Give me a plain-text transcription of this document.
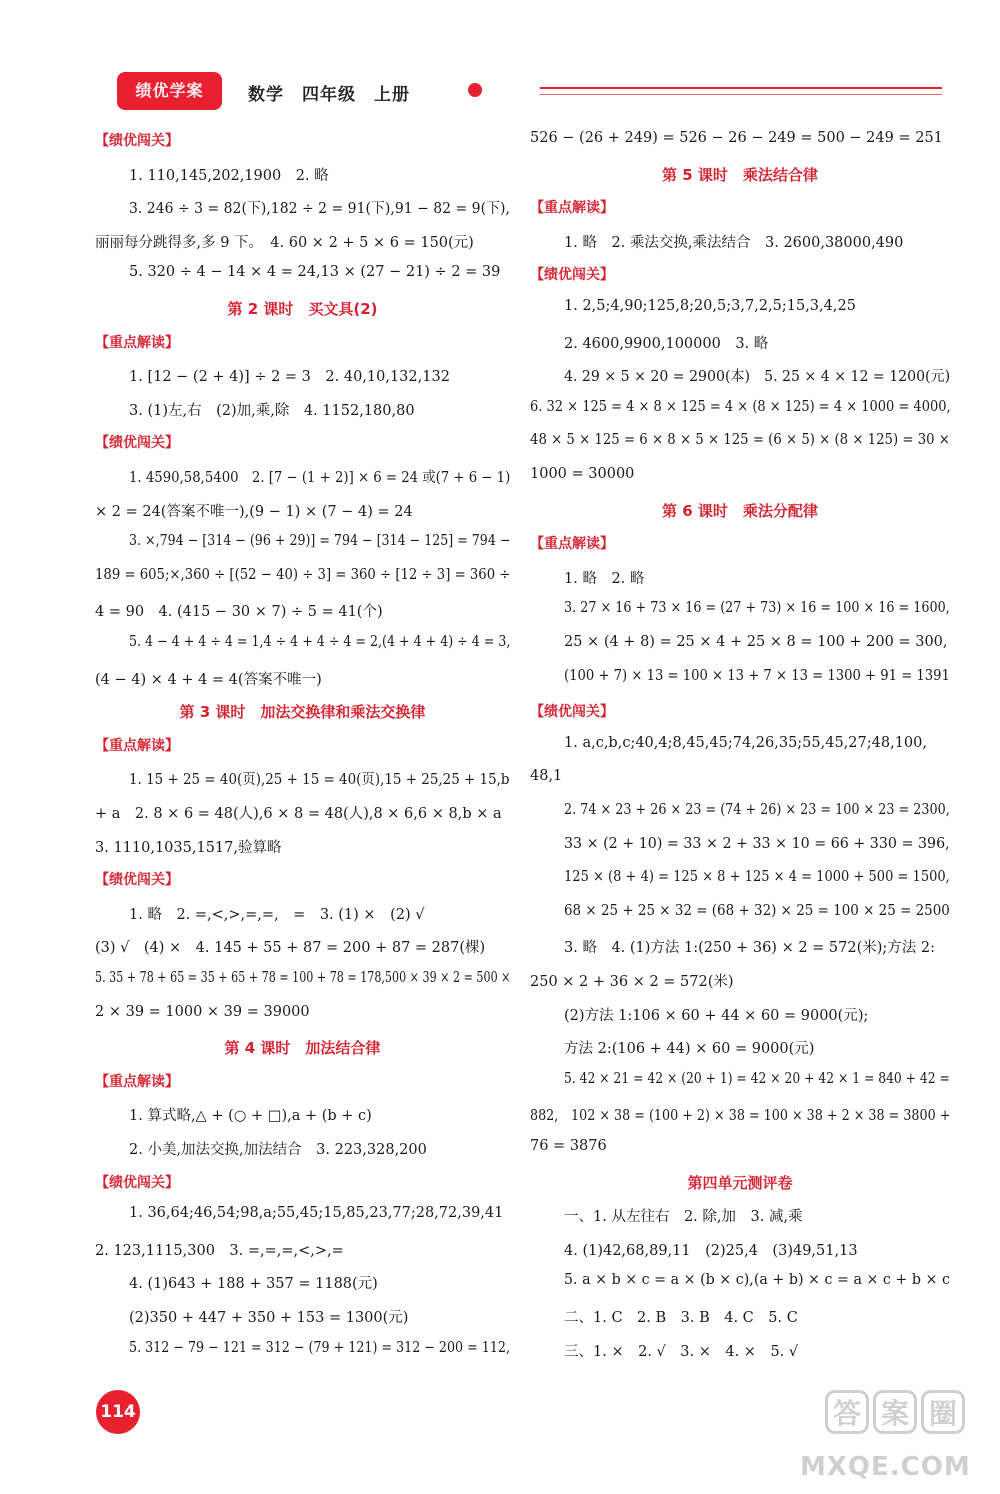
绩优学案	数学　四年级　上册
【绩优闯关】
1. 110,145,202,1900　2. 略
3. 246 ÷ 3 = 82(下),182 ÷ 2 = 91(下),91 − 82 = 9(下),
丽丽每分跳得多,多 9 下。　4. 60 × 2 + 5 × 6 = 150(元)
5. 320 ÷ 4 − 14 × 4 = 24,13 × (27 − 21) ÷ 2 = 39
第 2 课时　买文具(2)
【重点解读】
1. [12 − (2 + 4)] ÷ 2 = 3　2. 40,10,132,132
3. (1)左,右　(2)加,乘,除　4. 1152,180,80
【绩优闯关】
1. 4590,58,5400　2. [7 − (1 + 2)] × 6 = 24 或(7 + 6 − 1)
× 2 = 24(答案不唯一),(9 − 1) × (7 − 4) = 24
3. ×,794 − [314 − (96 + 29)] = 794 − [314 − 125] = 794 −
189 = 605;×,360 ÷ [(52 − 40) ÷ 3] = 360 ÷ [12 ÷ 3] = 360 ÷
4 = 90　4. (415 − 30 × 7) ÷ 5 = 41(个)
5. 4 − 4 + 4 ÷ 4 = 1,4 ÷ 4 + 4 ÷ 4 = 2,(4 + 4 + 4) ÷ 4 = 3,
(4 − 4) × 4 + 4 = 4(答案不唯一)
第 3 课时　加法交换律和乘法交换律
【重点解读】
1. 15 + 25 = 40(页),25 + 15 = 40(页),15 + 25,25 + 15,b
+ a　2. 8 × 6 = 48(人),6 × 8 = 48(人),8 × 6,6 × 8,b × a
3. 1110,1035,1517,验算略
【绩优闯关】
1. 略　2. =,<,>,=,=,　=　3. (1) ×　(2) √
(3) √　(4) ×　4. 145 + 55 + 87 = 200 + 87 = 287(棵)
5. 35 + 78 + 65 = 35 + 65 + 78 = 100 + 78 = 178,500 × 39 × 2 = 500 ×
2 × 39 = 1000 × 39 = 39000
第 4 课时　加法结合律
【重点解读】
1. 算式略,△ + (○ + □),a + (b + c)
2. 小美,加法交换,加法结合　3. 223,328,200
【绩优闯关】
1. 36,64;46,54;98,a;55,45;15,85,23,77;28,72,39,41
2. 123,1115,300　3. =,=,=,<,>,=
4. (1)643 + 188 + 357 = 1188(元)
(2)350 + 447 + 350 + 153 = 1300(元)
5. 312 − 79 − 121 = 312 − (79 + 121) = 312 − 200 = 112,
526 − (26 + 249) = 526 − 26 − 249 = 500 − 249 = 251
第 5 课时　乘法结合律
【重点解读】
1. 略　2. 乘法交换,乘法结合　3. 2600,38000,490
【绩优闯关】
1. 2,5;4,90;125,8;20,5;3,7,2,5;15,3,4,25
2. 4600,9900,100000　3. 略
4. 29 × 5 × 20 = 2900(本)　5. 25 × 4 × 12 = 1200(元)
6. 32 × 125 = 4 × 8 × 125 = 4 × (8 × 125) = 4 × 1000 = 4000,
48 × 5 × 125 = 6 × 8 × 5 × 125 = (6 × 5) × (8 × 125) = 30 ×
1000 = 30000
第 6 课时　乘法分配律
【重点解读】
1. 略　2. 略
3. 27 × 16 + 73 × 16 = (27 + 73) × 16 = 100 × 16 = 1600,
25 × (4 + 8) = 25 × 4 + 25 × 8 = 100 + 200 = 300,
(100 + 7) × 13 = 100 × 13 + 7 × 13 = 1300 + 91 = 1391
【绩优闯关】
1. a,c,b,c;40,4;8,45,45;74,26,35;55,45,27;48,100,
48,1
2. 74 × 23 + 26 × 23 = (74 + 26) × 23 = 100 × 23 = 2300,
33 × (2 + 10) = 33 × 2 + 33 × 10 = 66 + 330 = 396,
125 × (8 + 4) = 125 × 8 + 125 × 4 = 1000 + 500 = 1500,
68 × 25 + 25 × 32 = (68 + 32) × 25 = 100 × 25 = 2500
3. 略　4. (1)方法 1:(250 + 36) × 2 = 572(米);方法 2:
250 × 2 + 36 × 2 = 572(米)
(2)方法 1:106 × 60 + 44 × 60 = 9000(元);
方法 2:(106 + 44) × 60 = 9000(元)
5. 42 × 21 = 42 × (20 + 1) = 42 × 20 + 42 × 1 = 840 + 42 =
882,　102 × 38 = (100 + 2) × 38 = 100 × 38 + 2 × 38 = 3800 +
76 = 3876
第四单元测评卷
一、1. 从左往右　2. 除,加　3. 减,乘
4. (1)42,68,89,11　(2)25,4　(3)49,51,13
5. a × b × c = a × (b × c),(a + b) × c = a × c + b × c
二、1. C　2. B　3. B　4. C　5. C
三、1. ×　2. √　3. ×　4. ×　5. √
114	答 案 圈
MXQE.COM
